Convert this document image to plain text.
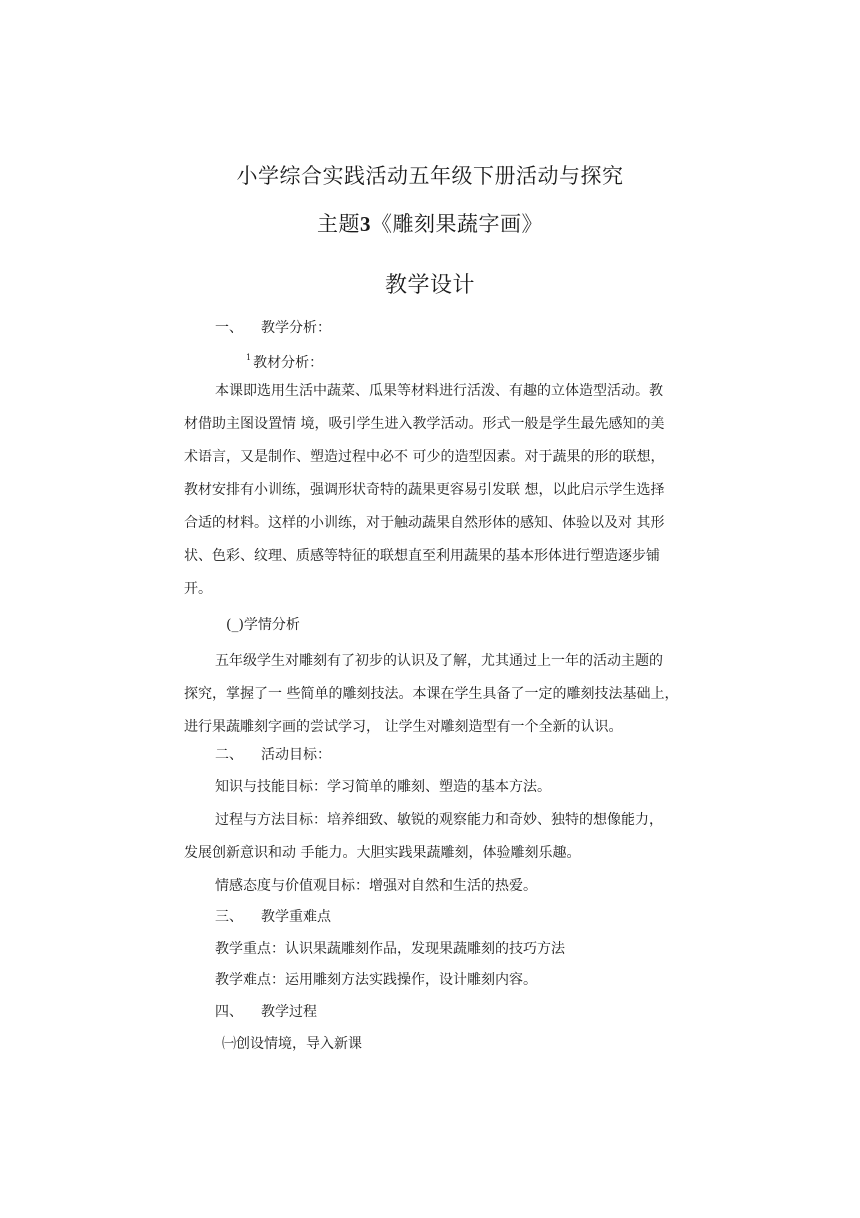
小学综合实践活动五年级下册活动与探究
主题3《雕刻果蔬字画》
教学设计
一、 教学分析：
$^1$ 教材分析：
本课即选用生活中蔬菜、瓜果等材料进行活泼、有趣的立体造型活动。教
材借助主图设置情 境，吸引学生进入教学活动。形式一般是学生最先感知的美
术语言，又是制作、塑造过程中必不 可少的造型因素。对于蔬果的形的联想，
教材安排有小训练，强调形状奇特的蔬果更容易引发联 想，以此启示学生选择
合适的材料。这样的小训练，对于触动蔬果自然形体的感知、体验以及对 其形
状、色彩、纹理、质感等特征的联想直至利用蔬果的基本形体进行塑造逐步铺
开。
(_)学情分析
五年级学生对雕刻有了初步的认识及了解，尤其通过上一年的活动主题的
探究，掌握了一 些简单的雕刻技法。本课在学生具备了一定的雕刻技法基础上，
进行果蔬雕刻字画的尝试学习， 让学生对雕刻造型有一个全新的认识。
二、 活动目标：
知识与技能目标：学习简单的雕刻、塑造的基本方法。
过程与方法目标：培养细致、敏锐的观察能力和奇妙、独特的想像能力，
发展创新意识和动 手能力。大胆实践果蔬雕刻，体验雕刻乐趣。
情感态度与价值观目标：增强对自然和生活的热爱。
三、 教学重难点
教学重点：认识果蔬雕刻作品，发现果蔬雕刻的技巧方法
教学难点：运用雕刻方法实践操作，设计雕刻内容。
四、 教学过程
㈠创设情境，导入新课
